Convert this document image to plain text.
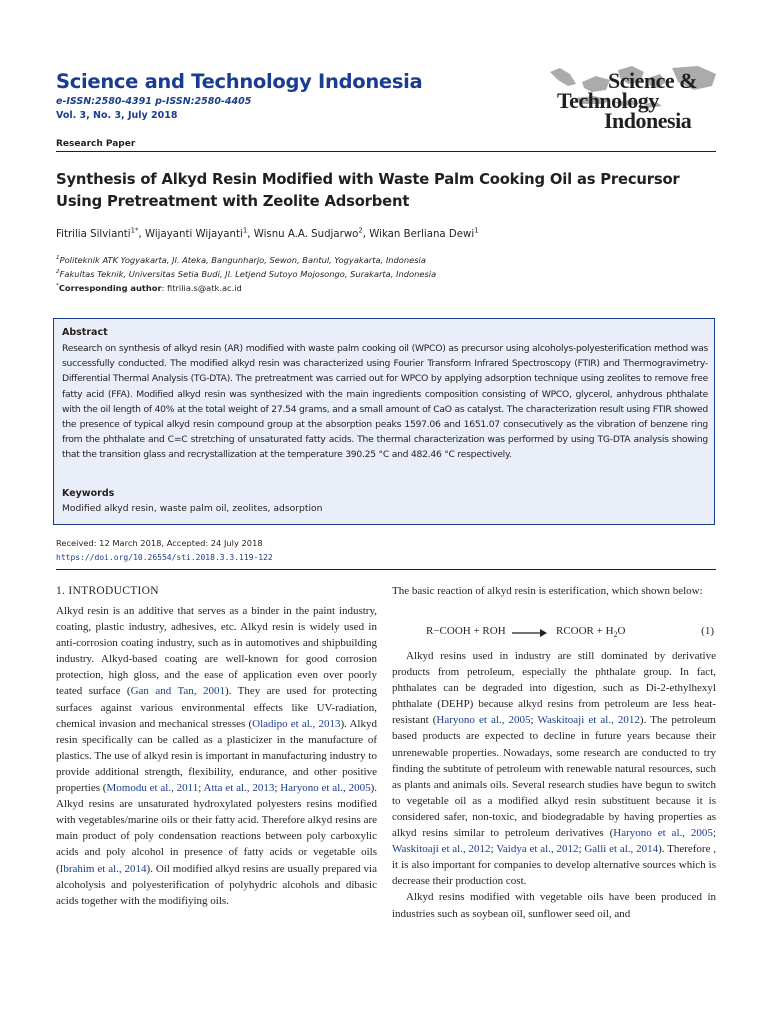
Science and Technology Indonesia
e-ISSN:2580-4391 p-ISSN:2580-4405
Vol. 3, No. 3, July 2018
Science &
Technology
Indonesia
Research Paper
Synthesis of Alkyd Resin Modified with Waste Palm Cooking Oil as Precursor Using Pretreatment with Zeolite Adsorbent
Fitrilia Silvianti$^{1*}$, Wijayanti Wijayanti$^1$, Wisnu A.A. Sudjarwo$^2$, Wikan Berliana Dewi$^1$
$^1$Politeknik ATK Yogyakarta, Jl. Ateka, Bangunharjo, Sewon, Bantul, Yogyakarta, Indonesia
$^2$Fakultas Teknik, Universitas Setia Budi, Jl. Letjend Sutoyo Mojosongo, Surakarta, Indonesia
*Corresponding author: fitrilia.s@atk.ac.id
Abstract
Research on synthesis of alkyd resin (AR) modified with waste palm cooking oil (WPCO) as precursor using alcoholys-polyesterification method was successfully conducted. The modified alkyd resin was characterized using Fourier Transform Infrared Spectroscopy (FTIR) and Thermogravimetry-Differential Thermal Analysis (TG-DTA). The pretreatment was carried out for WPCO by applying adsorption technique using zeolites to remove free fatty acid (FFA). Modified alkyd resin was synthesized with the main ingredients composition consisting of WPCO, glycerol, anhydrous phthalate with the oil length of 40% at the total weight of 27.54 grams, and a small amount of CaO as catalyst. The characterization result using FTIR showed the presence of typical alkyd resin compound group at the absorption peaks 1597.06 and 1651.07 consecutively as the vibration of benzene ring from the phthalate and C=C stretching of unsaturated fatty acids. The thermal characterization was performed by using TG-DTA analysis showing that the transition glass and recrystallization at the temperature 390.25 °C and 482.46 °C respectively.
Keywords
Modified alkyd resin, waste palm oil, zeolites, adsorption
Received: 12 March 2018, Accepted: 24 July 2018
https://doi.org/10.26554/sti.2018.3.3.119-122
1. INTRODUCTION

Alkyd resin is an additive that serves as a binder in the paint industry, coating, plastic industry, adhesives, etc. Alkyd resin is widely used in anti-corrosion coating industry, such as in automotives and shipbuilding industry. Alkyd-based coating are well-known for good corrosion protection, high gloss, and the ease of application even over poorly teated surface (Gan and Tan, 2001). They are used for protecting surfaces against various environmental effects like UV-radiation, chemical invasion and mechanical stresses (Oladipo et al., 2013). Alkyd resin specifically can be called as a plasticizer in the manufacture of plastics. The use of alkyd resin is important in manufacturing industry to provide additional strength, flexibility, endurance, and other positive properties (Momodu et al., 2011; Atta et al., 2013; Haryono et al., 2005). Alkyd resins are unsaturated hydroxylated polyesters resins modified with vegetables/marine oils or their fatty acid. Therefore alkyd resins are main product of poly condensation reactions between poly carboxylic acids and poly alcohol in presence of fatty acids or vegetable oils (Ibrahim et al., 2014). Oil modified alkyd resins are usually prepared via alcoholysis and polyesterification of polyhydric alcohols and dibasic acids together with the modifiying oils.

The basic reaction of alkyd resin is esterification, which shown below:

R−COOH + ROH → RCOOR + $H_2O$	(1)

Alkyd resins used in industry are still dominated by derivative products from petroleum, especially the phthalate group. In fact, phthalates can be degraded into digestion, such as Di-2-ethylhexyl phthalate (DEHP) because alkyd resins from petroleum are less heat-resistant (Haryono et al., 2005; Waskitoaji et al., 2012). The petroleum based products are expected to decline in future years because their unrenewable properties. Nowadays, some research are conducted to try finding the subtitute of petroleum with renewable natural resources, such as plants and animals oils. Several research studies have begun to switch to vegetable oil as a modified alkyd resin substituent because it is considered safer, non-toxic, and biodegradable by having properties as alkyd resins similar to petroleum derivatives (Haryono et al., 2005; Waskitoaji et al., 2012; Vaidya et al., 2012; Galli et al., 2014). Therefore , it is also important for companies to develop alternative sources which is decrease their production cost.

Alkyd resins modified with vegetable oils have been produced in industries such as soybean oil, sunflower seed oil, and
